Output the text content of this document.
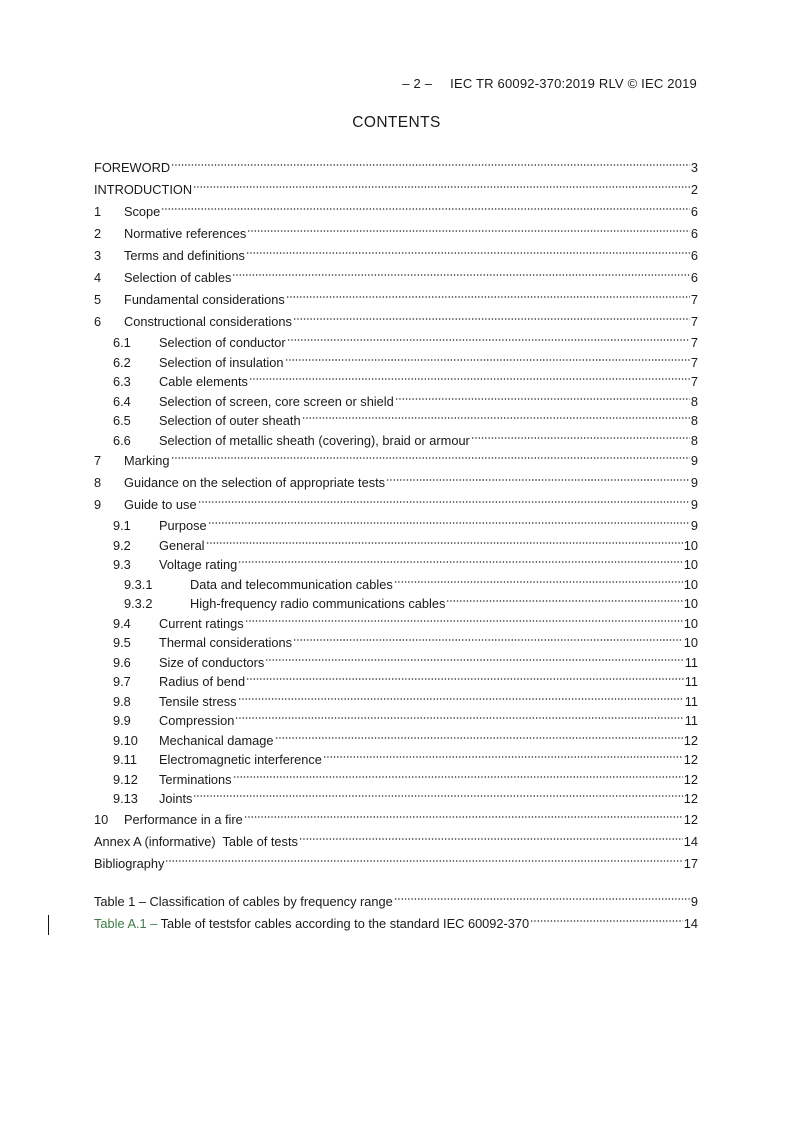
– 2 – IEC TR 60092-370:2019 RLV © IEC 2019
CONTENTS
FOREWORD	3
INTRODUCTION	2
1	Scope	6
2	Normative references	6
3	Terms and definitions	6
4	Selection of cables	6
5	Fundamental considerations	7
6	Constructional considerations	7
6.1	Selection of conductor	7
6.2	Selection of insulation	7
6.3	Cable elements	7
6.4	Selection of screen, core screen or shield	8
6.5	Selection of outer sheath	8
6.6	Selection of metallic sheath (covering), braid or armour	8
7	Marking	9
8	Guidance on the selection of appropriate tests	9
9	Guide to use	9
9.1	Purpose	9
9.2	General	10
9.3	Voltage rating	10
9.3.1	Data and telecommunication cables	10
9.3.2	High-frequency radio communications cables	10
9.4	Current ratings	10
9.5	Thermal considerations	10
9.6	Size of conductors	11
9.7	Radius of bend	11
9.8	Tensile stress	11
9.9	Compression	11
9.10	Mechanical damage	12
9.11	Electromagnetic interference	12
9.12	Terminations	12
9.13	Joints	12
10	Performance in a fire	12
Annex A (informative)  Table of tests	14
Bibliography	17
Table 1 – Classification of cables by frequency range	9
Table A.1 – Table of testsfor cables according to the standard IEC 60092-370	14
